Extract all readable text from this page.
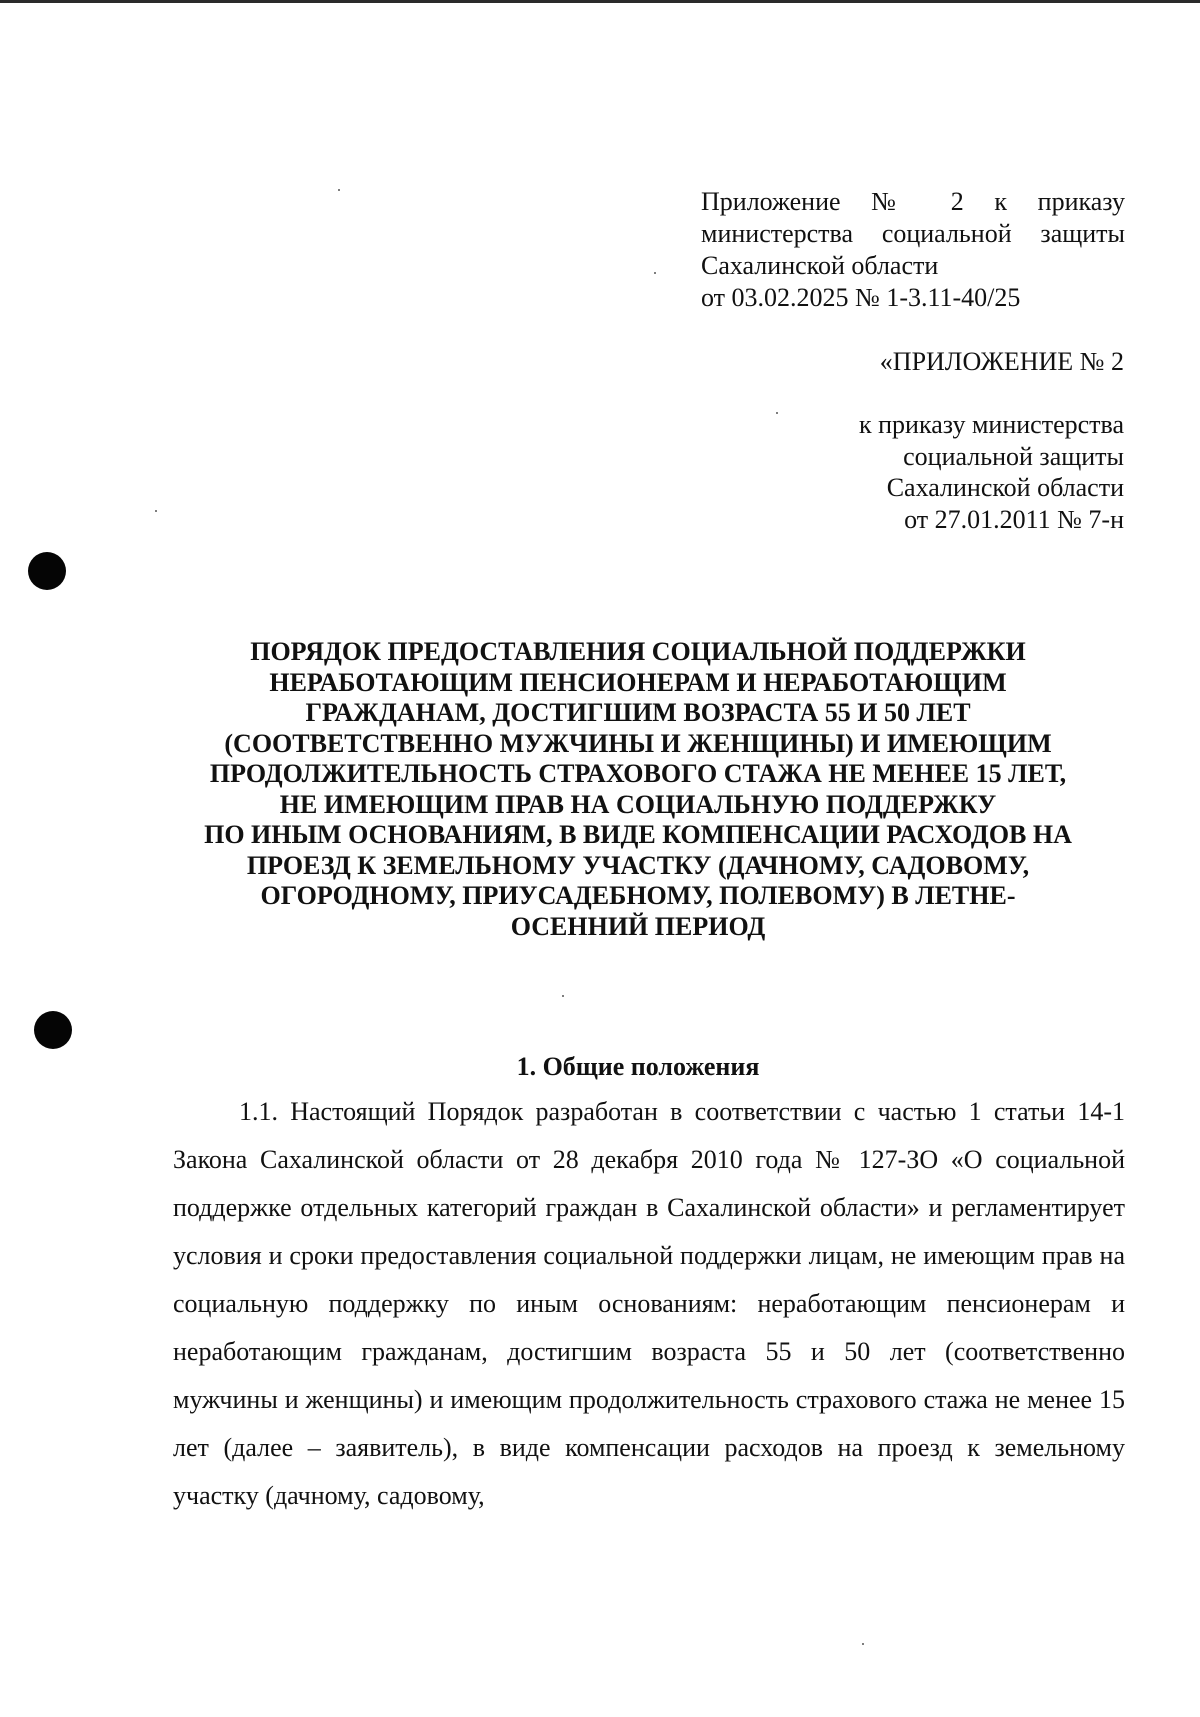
Приложение № 2 к приказу
министерства социальной защиты
Сахалинской области
от 03.02.2025 № 1-3.11-40/25
«ПРИЛОЖЕНИЕ № 2
к приказу министерства
социальной защиты
Сахалинской области
от 27.01.2011 № 7-н
ПОРЯДОК ПРЕДОСТАВЛЕНИЯ СОЦИАЛЬНОЙ ПОДДЕРЖКИ
НЕРАБОТАЮЩИМ ПЕНСИОНЕРАМ И НЕРАБОТАЮЩИМ
ГРАЖДАНАМ, ДОСТИГШИМ ВОЗРАСТА 55 И 50 ЛЕТ
(СООТВЕТСТВЕННО МУЖЧИНЫ И ЖЕНЩИНЫ) И ИМЕЮЩИМ
ПРОДОЛЖИТЕЛЬНОСТЬ СТРАХОВОГО СТАЖА НЕ МЕНЕЕ 15 ЛЕТ,
НЕ ИМЕЮЩИМ ПРАВ НА СОЦИАЛЬНУЮ ПОДДЕРЖКУ
ПО ИНЫМ ОСНОВАНИЯМ, В ВИДЕ КОМПЕНСАЦИИ РАСХОДОВ НА
ПРОЕЗД К ЗЕМЕЛЬНОМУ УЧАСТКУ (ДАЧНОМУ, САДОВОМУ,
ОГОРОДНОМУ, ПРИУСАДЕБНОМУ, ПОЛЕВОМУ) В ЛЕТНЕ-
ОСЕННИЙ ПЕРИОД
1. Общие положения
1.1. Настоящий Порядок разработан в соответствии с частью 1 статьи 14-1 Закона Сахалинской области от 28 декабря 2010 года № 127-ЗО «О социальной поддержке отдельных категорий граждан в Сахалинской области» и регламентирует условия и сроки предоставления социальной поддержки лицам, не имеющим прав на социальную поддержку по иным основаниям: неработающим пенсионерам и неработающим гражданам, достигшим возраста 55 и 50 лет (соответственно мужчины и женщины) и имеющим продолжительность страхового стажа не менее 15 лет (далее – заявитель), в виде компенсации расходов на проезд к земельному участку (дачному, садовому,
